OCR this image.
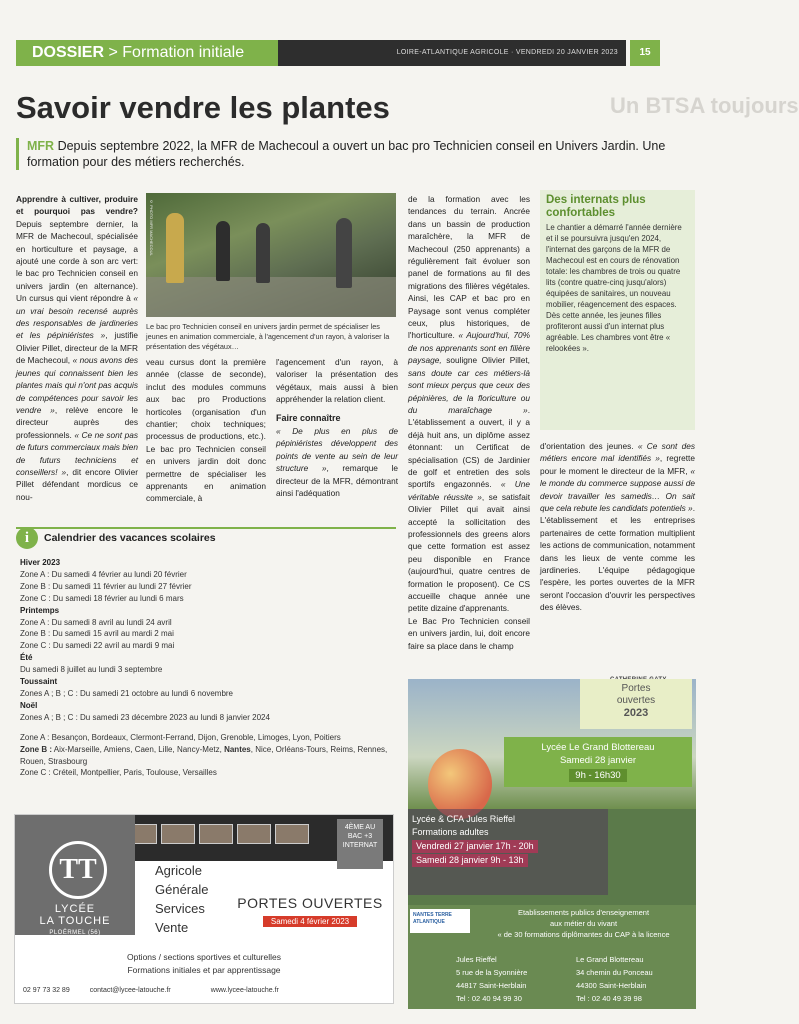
DOSSIER > Formation initiale	LOIRE-ATLANTIQUE AGRICOLE · VENDREDI 20 JANVIER 2023	15
Un BTSA toujours
Savoir vendre les plantes
MFR Depuis septembre 2022, la MFR de Machecoul a ouvert un bac pro Technicien conseil en Univers Jardin. Une formation pour des métiers recherchés.
Apprendre à cultiver, produire et pourquoi pas vendre? Depuis septembre dernier, la MFR de Machecoul, spécialisée en horticulture et paysage, a ajouté une corde à son arc vert: le bac pro Technicien conseil en univers jardin (en alternance). Un cursus qui vient répondre à « un vrai besoin recensé auprès des responsables de jardineries et les pépiniéristes », justifie Olivier Pillet, directeur de la MFR de Machecoul, « nous avons des jeunes qui connaissent bien les plantes mais qui n'ont pas acquis de compétences pour savoir les vendre », relève encore le directeur auprès des professionnels. « Ce ne sont pas de futurs commerciaux mais bien de futurs techniciens et conseillers! », dit encore Olivier Pillet défendant mordicus ce nou-
© PHOTO MFR MACHECOUL
Le bac pro Technicien conseil en univers jardin permet de spécialiser les jeunes en animation commerciale, à l'agencement d'un rayon, à valoriser la présentation des végétaux…
veau cursus dont la première année (classe de seconde), inclut des modules communs aux bac pro Productions horticoles (organisation d'un chantier; choix techniques; processus de productions, etc.). Le bac pro Technicien conseil en univers jardin doit donc permettre de spécialiser les apprenants en animation commerciale, à
l'agencement d'un rayon, à valoriser la présentation des végétaux, mais aussi à bien appréhender la relation client.
Faire connaître
« De plus en plus de pépiniéristes développent des points de vente au sein de leur structure », remarque le directeur de la MFR, démontrant ainsi l'adéquation
de la formation avec les tendances du terrain. Ancrée dans un bassin de production maraîchère, la MFR de Machecoul (250 apprenants) a régulièrement fait évoluer son panel de formations au fil des migrations des filières végétales. Ainsi, les CAP et bac pro en Paysage sont venus compléter ceux, plus historiques, de l'horticulture. « Aujourd'hui, 70% de nos apprenants sont en filière paysage, souligne Olivier Pillet, sans doute car ces métiers-là sont mieux perçus que ceux des pépinières, de la floriculture ou du maraîchage ». L'établissement a ouvert, il y a déjà huit ans, un diplôme assez étonnant: un Certificat de spécialisation (CS) de Jardinier de golf et entretien des sols sportifs engazonnés. « Une véritable réussite », se satisfait Olivier Pillet qui avait ainsi accepté la sollicitation des professionnels des greens alors que cette formation est assez peu disponible en France (aujourd'hui, quatre centres de formation le proposent). Ce CS accueille chaque année une petite dizaine d'apprenants.
Le Bac Pro Technicien conseil en univers jardin, lui, doit encore faire sa place dans le champ
Des internats plus confortables

Le chantier a démarré l'année dernière et il se poursuivra jusqu'en 2024, l'internat des garçons de la MFR de Machecoul est en cours de rénovation totale: les chambres de trois ou quatre lits (contre quatre-cinq jusqu'alors) équipées de sanitaires, un nouveau mobilier, réagencement des espaces. Dès cette année, les jeunes filles profiteront aussi d'un internat plus agréable. Les chambres vont être « relookées ».

d'orientation des jeunes. « Ce sont des métiers encore mal identifiés », regrette pour le moment le directeur de la MFR, « le monde du commerce suppose aussi de devoir travailler les samedis… On sait que cela rebute les candidats potentiels ». L'établissement et les entreprises partenaires de cette formation multiplient les actions de communication, notamment dans les lieux de vente comme les jardineries. L'équipe pédagogique l'espère, les portes ouvertes de la MFR seront l'occasion d'ouvrir les perspectives des élèves.
i	Calendrier des vacances scolaires
Hiver 2023
Zone A : Du samedi 4 février au lundi 20 février
Zone B : Du samedi 11 février au lundi 27 février
Zone C : Du samedi 18 février au lundi 6 mars
Printemps
Zone A : Du samedi 8 avril au lundi 24 avril
Zone B : Du samedi 15 avril au mardi 2 mai
Zone C : Du samedi 22 avril au mardi 9 mai
Été
Du samedi 8 juillet au lundi 3 septembre
Toussaint
Zones A ; B ; C : Du samedi 21 octobre au lundi 6 novembre
Noël
Zones A ; B ; C : Du samedi 23 décembre 2023 au lundi 8 janvier 2024
Zone A : Besançon, Bordeaux, Clermont-Ferrand, Dijon, Grenoble, Limoges, Lyon, Poitiers
Zone B : Aix-Marseille, Amiens, Caen, Lille, Nancy-Metz, Nantes, Nice, Orléans-Tours, Reims, Rennes, Rouen, Strasbourg
Zone C : Créteil, Montpellier, Paris, Toulouse, Versailles
TT
LYCÉE
LA TOUCHE
PLOËRMEL (56)
4ÈME AU
BAC +3
INTERNAT
Agricole
Générale
Services
Vente
PORTES OUVERTES
Samedi 4 février 2023
Options / sections sportives et culturelles
Formations initiales et par apprentissage
02 97 73 32 89	contact@lycee-latouche.fr	www.lycee-latouche.fr
Portes
ouvertes
2023
Lycée Le Grand Blottereau
Samedi 28 janvier
9h - 16h30
Lycée & CFA Jules Rieffel
Formations adultes
Vendredi 27 janvier 17h - 20h
Samedi 28 janvier 9h - 13h
NANTES TERRE ATLANTIQUE
Etablissements publics d'enseignement
aux métier du vivant
« de 30 formations diplômantes du CAP à la licence
Jules Rieffel
5 rue de la Syonnière
44817 Saint-Herblain
Tel : 02 40 94 99 30
Le Grand Blottereau
34 chemin du Ponceau
44300 Saint-Herblain
Tel : 02 40 49 39 98
